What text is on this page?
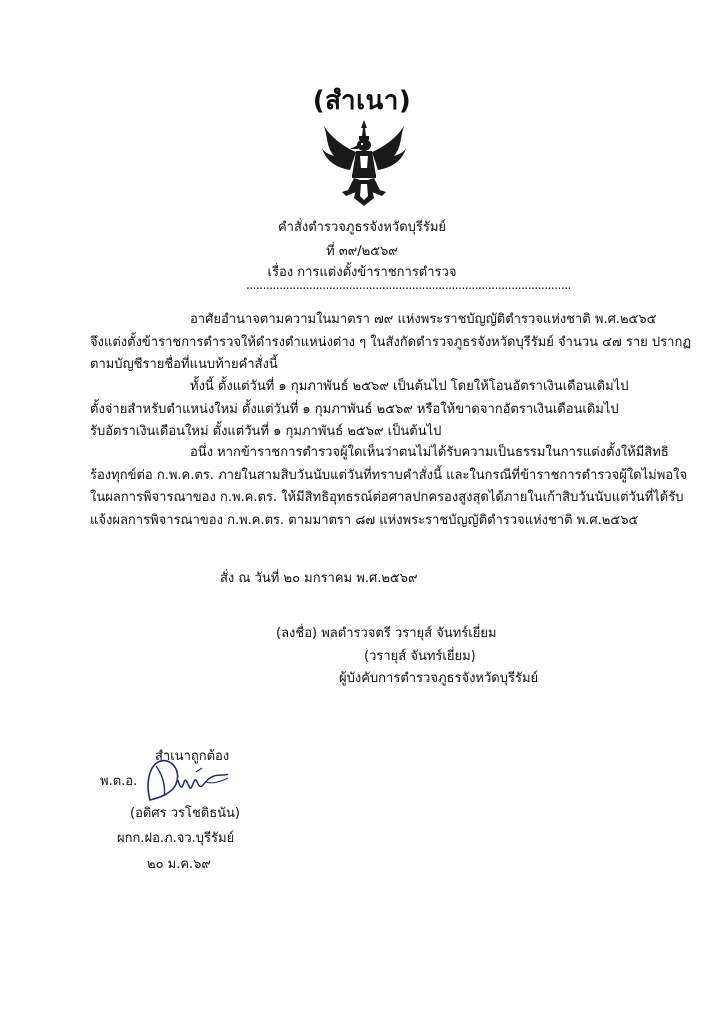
(สำเนา)
คำสั่งตำรวจภูธรจังหวัดบุรีรัมย์
ที่ ๓๙/๒๕๖๙
เรื่อง การแต่งตั้งข้าราชการตำรวจ
..................................................................................................
อาศัยอำนาจตามความในมาตรา ๗๙ แห่งพระราชบัญญัติตำรวจแห่งชาติ พ.ศ.๒๕๖๕
จึงแต่งตั้งข้าราชการตำรวจให้ดำรงตำแหน่งต่าง ๆ ในสังกัดตำรวจภูธรจังหวัดบุรีรัมย์ จำนวน ๔๗ ราย ปรากฏ
ตามบัญชีรายชื่อที่แนบท้ายคำสั่งนี้
ทั้งนี้ ตั้งแต่วันที่ ๑ กุมภาพันธ์ ๒๕๖๙ เป็นต้นไป โดยให้โอนอัตราเงินเดือนเดิมไป
ตั้งจ่ายสำหรับตำแหน่งใหม่ ตั้งแต่วันที่ ๑ กุมภาพันธ์ ๒๕๖๙ หรือให้ขาดจากอัตราเงินเดือนเดิมไป
รับอัตราเงินเดือนใหม่ ตั้งแต่วันที่ ๑ กุมภาพันธ์ ๒๕๖๙ เป็นต้นไป
อนึ่ง หากข้าราชการตำรวจผู้ใดเห็นว่าตนไม่ได้รับความเป็นธรรมในการแต่งตั้งให้มีสิทธิ
ร้องทุกข์ต่อ ก.พ.ค.ตร. ภายในสามสิบวันนับแต่วันที่ทราบคำสั่งนี้ และในกรณีที่ข้าราชการตำรวจผู้ใดไม่พอใจ
ในผลการพิจารณาของ ก.พ.ค.ตร. ให้มีสิทธิอุทธรณ์ต่อศาลปกครองสูงสุดได้ภายในเก้าสิบวันนับแต่วันที่ได้รับ
แจ้งผลการพิจารณาของ ก.พ.ค.ตร. ตามมาตรา ๘๗ แห่งพระราชบัญญัติตำรวจแห่งชาติ พ.ศ.๒๕๖๕
สั่ง ณ วันที่ ๒๐ มกราคม พ.ศ.๒๕๖๙
(ลงชื่อ) พลตำรวจตรี วรายุส์ จันทร์เยี่ยม
(วรายุส์ จันทร์เยี่ยม)
ผู้บังคับการตำรวจภูธรจังหวัดบุรีรัมย์
สำเนาถูกต้อง
พ.ต.อ.
(อดิศร วรโชติธนัน)
ผกก.ฝอ.ภ.จว.บุรีรัมย์
๒๐ ม.ค.๖๙
